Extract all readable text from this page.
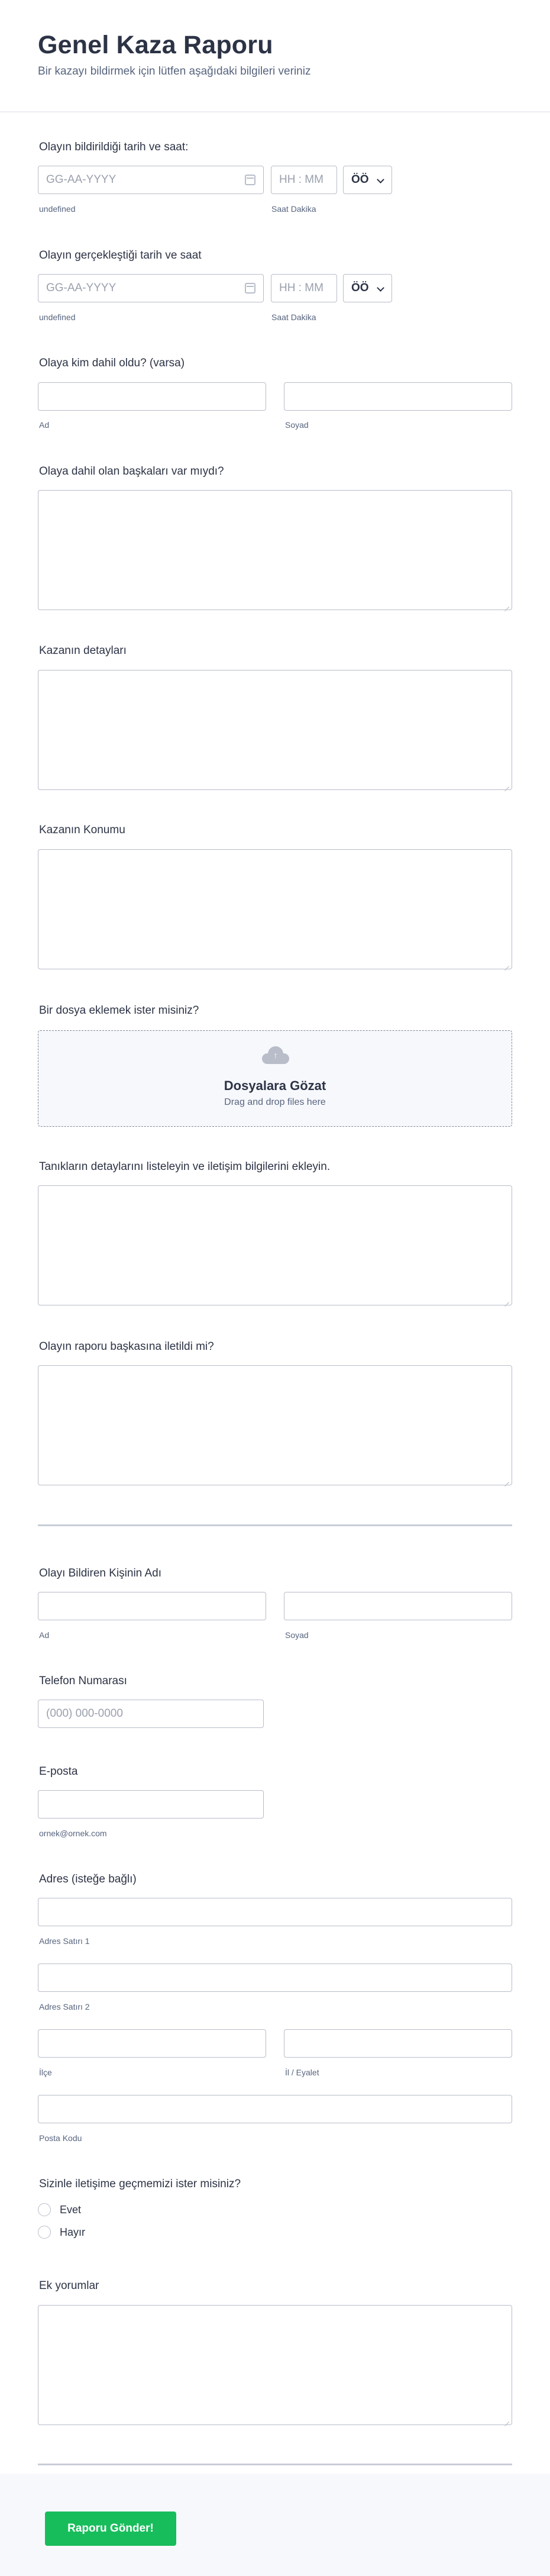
Genel Kaza Raporu
Bir kazayı bildirmek için lütfen aşağıdaki bilgileri veriniz
Olayın bildirildiği tarih ve saat:
GG-AA-YYYY	HH : MM ÖÖ
undefined	Saat Dakika
Olayın gerçekleştiği tarih ve saat
GG-AA-YYYY	HH : MM ÖÖ
undefined	Saat Dakika
Olaya kim dahil oldu? (varsa)
Ad	Soyad
Olaya dahil olan başkaları var mıydı?
Kazanın detayları
Kazanın Konumu
Bir dosya eklemek ister misiniz?
↑
Dosyalara Gözat
Drag and drop files here
Tanıkların detaylarını listeleyin ve iletişim bilgilerini ekleyin.
Olayın raporu başkasına iletildi mi?
Olayı Bildiren Kişinin Adı
Ad	Soyad
Telefon Numarası
(000) 000-0000
E-posta
ornek@ornek.com
Adres (isteğe bağlı)
Adres Satırı 1
Adres Satırı 2
İlçe	İl / Eyalet
Posta Kodu
Sizinle iletişime geçmemizi ister misiniz?
Evet
Hayır
Ek yorumlar
Raporu Gönder!
